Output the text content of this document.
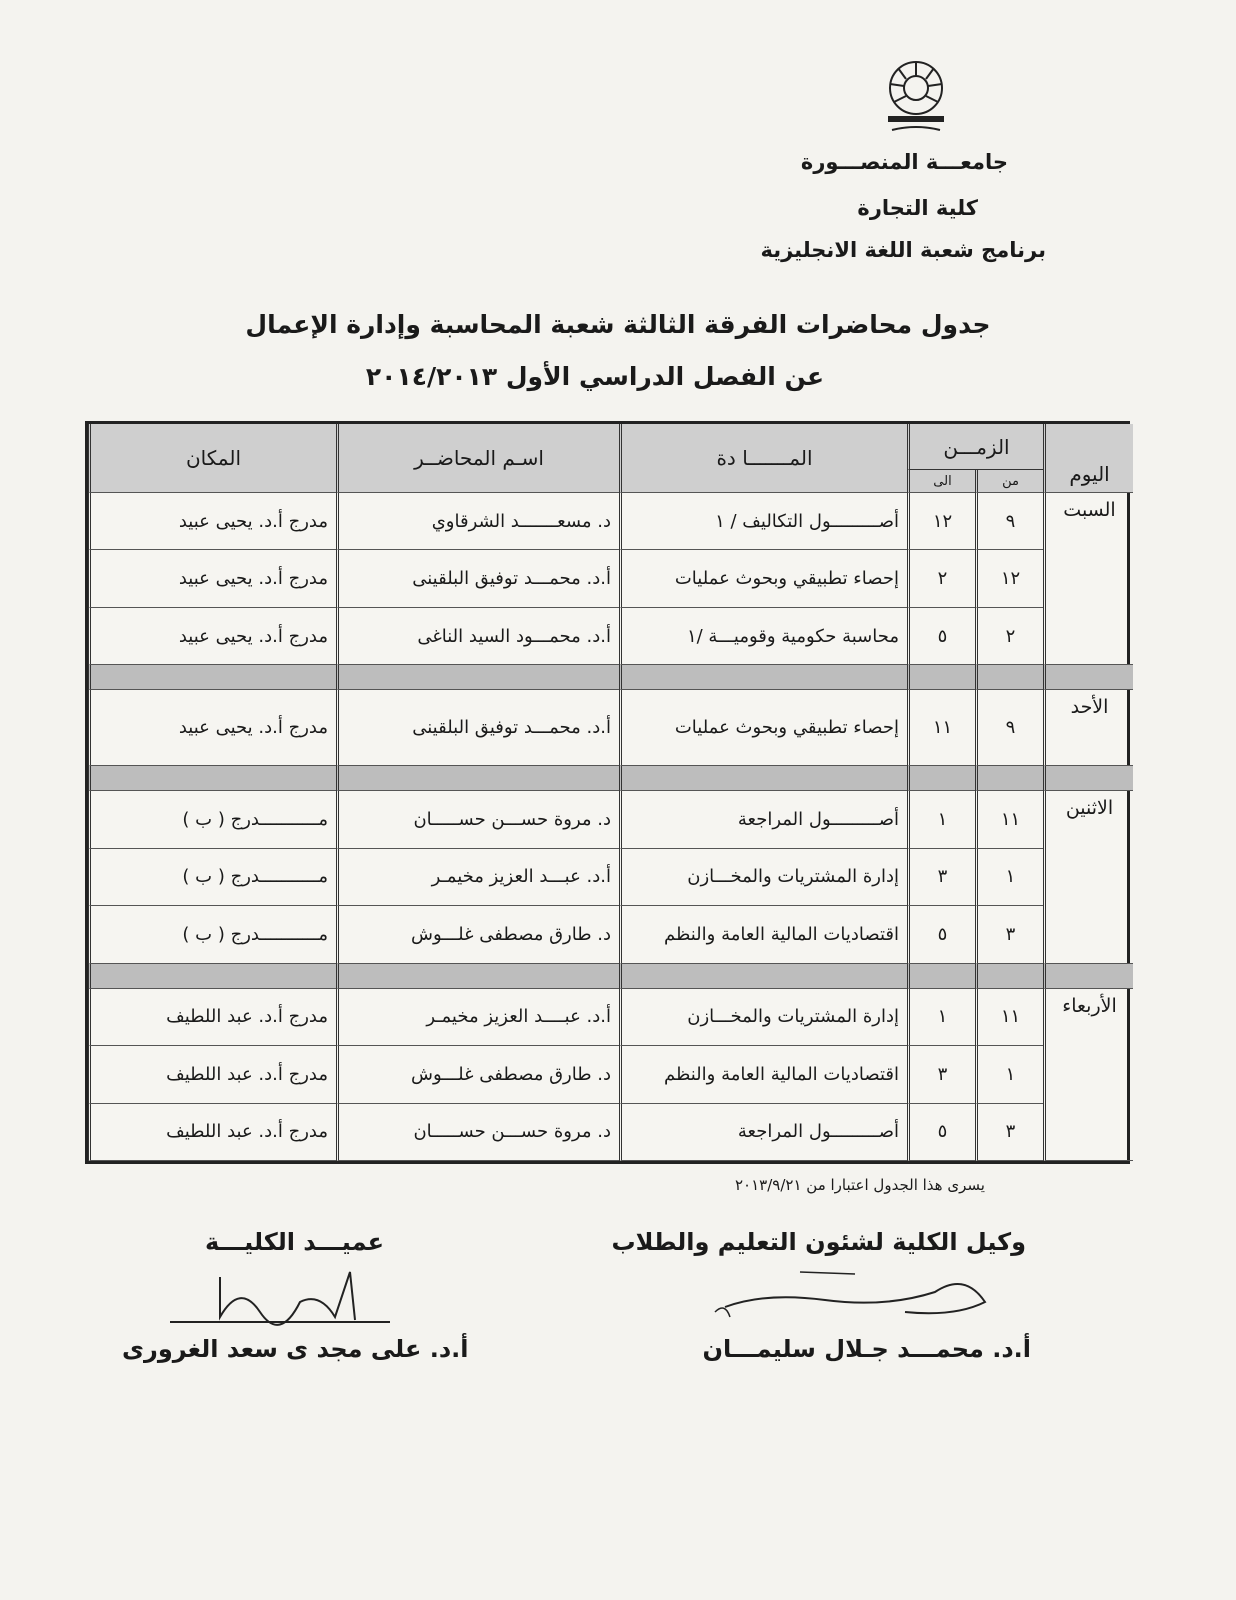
جامعـــة المنصـــورة
كلية التجارة
برنامج شعبة اللغة الانجليزية
جدول محاضرات الفرقة الثالثة شعبة المحاسبة وإدارة الإعمال
عن الفصل الدراسي الأول ٢٠١٤/٢٠١٣
اليوم	الزمـــن		المـــــــا دة	اسـم المحاضــر	المكان
	من	الى			
السبت	٩	١٢	أصـــــــــول التكاليف / ١	د. مسعـــــــد الشرقاوي	مدرج أ.د. يحيى عبيد
	١٢	٢	إحصاء تطبيقي وبحوث عمليات	أ.د. محمـــد توفيق البلقينى	مدرج أ.د. يحيى عبيد
	٢	٥	محاسبة حكومية وقوميـــة /١	أ.د. محمـــود السيد الناغى	مدرج أ.د. يحيى عبيد

الأحد	٩	١١	إحصاء تطبيقي وبحوث عمليات	أ.د. محمـــد توفيق البلقينى	مدرج أ.د. يحيى عبيد

الاثنين	١١	١	أصـــــــــول المراجعة	د. مروة حســـن حســـــان	مـــــــــــدرج ( ب )
	١	٣	إدارة المشتريات والمخـــازن	أ.د. عبـــد العزيز مخيمـر	مـــــــــــدرج ( ب )
	٣	٥	اقتصاديات المالية العامة والنظم	د. طارق مصطفى غلـــوش	مـــــــــــدرج ( ب )

الأربعاء	١١	١	إدارة المشتريات والمخـــازن	أ.د. عبــــد العزيز مخيمـر	مدرج أ.د. عبد اللطيف
	١	٣	اقتصاديات المالية العامة والنظم	د. طارق مصطفى غلـــوش	مدرج أ.د. عبد اللطيف
	٣	٥	أصـــــــــول المراجعة	د. مروة حســـن حســـــان	مدرج أ.د. عبد اللطيف
يسرى هذا الجدول اعتبارا من ٢٠١٣/٩/٢١
وكيل الكلية لشئون التعليم والطلاب
أ.د. محمـــد جـلال سليمـــان
عميـــد الكليـــة
أ.د. على مجد ى سعد الغرورى
